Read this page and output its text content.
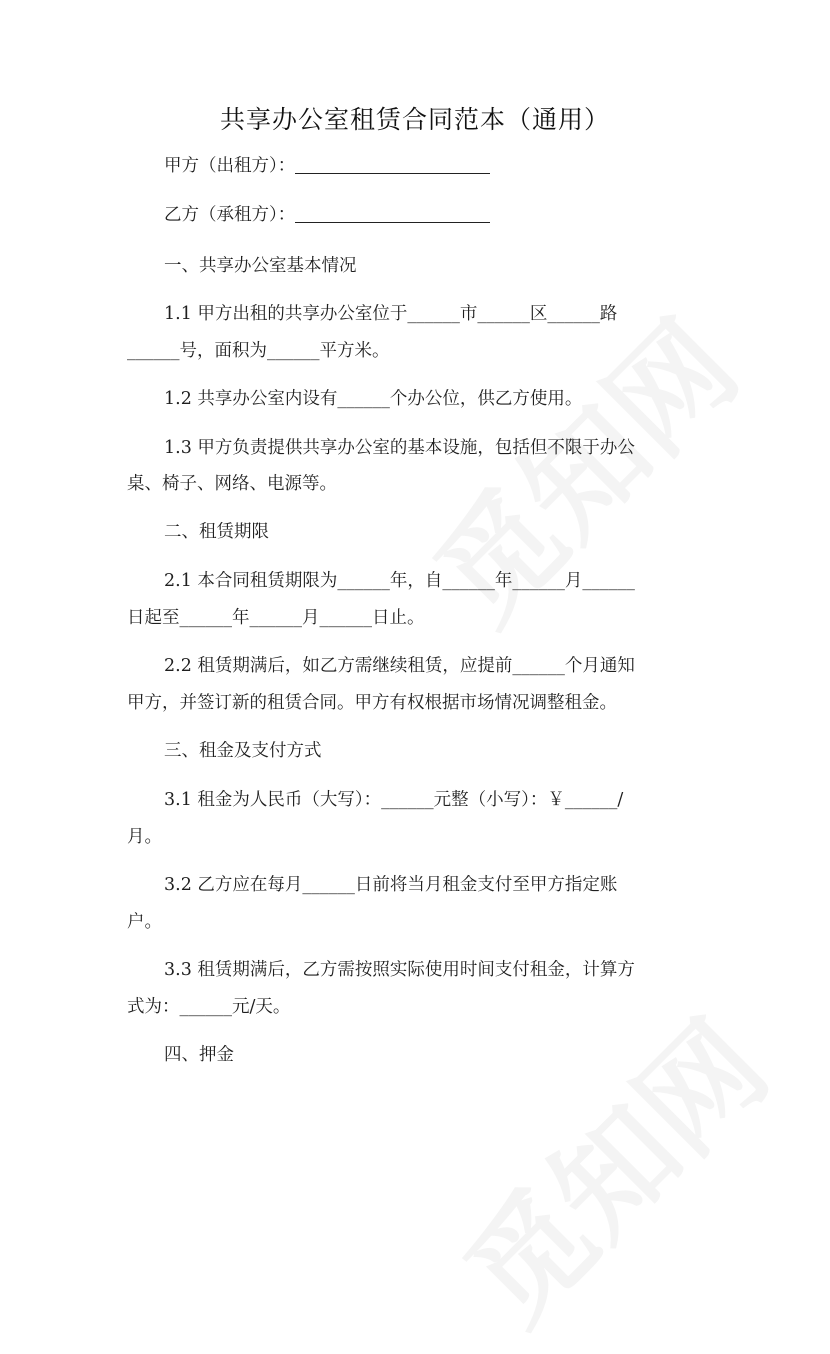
共享办公室租赁合同范本（通用）
甲方（出租方）：
乙方（承租方）：
一、共享办公室基本情况
1.1 甲方出租的共享办公室位于______市______区______路
______号，面积为______平方米。
1.2 共享办公室内设有______个办公位，供乙方使用。
1.3 甲方负责提供共享办公室的基本设施，包括但不限于办公
桌、椅子、网络、电源等。
二、租赁期限
2.1 本合同租赁期限为______年，自______年______月______
日起至______年______月______日止。
2.2 租赁期满后，如乙方需继续租赁，应提前______个月通知
甲方，并签订新的租赁合同。甲方有权根据市场情况调整租金。
三、租金及支付方式
3.1 租金为人民币（大写）：______元整（小写）：￥______/
月。
3.2 乙方应在每月______日前将当月租金支付至甲方指定账
户。
3.3 租赁期满后，乙方需按照实际使用时间支付租金，计算方
式为：______元/天。
四、押金
